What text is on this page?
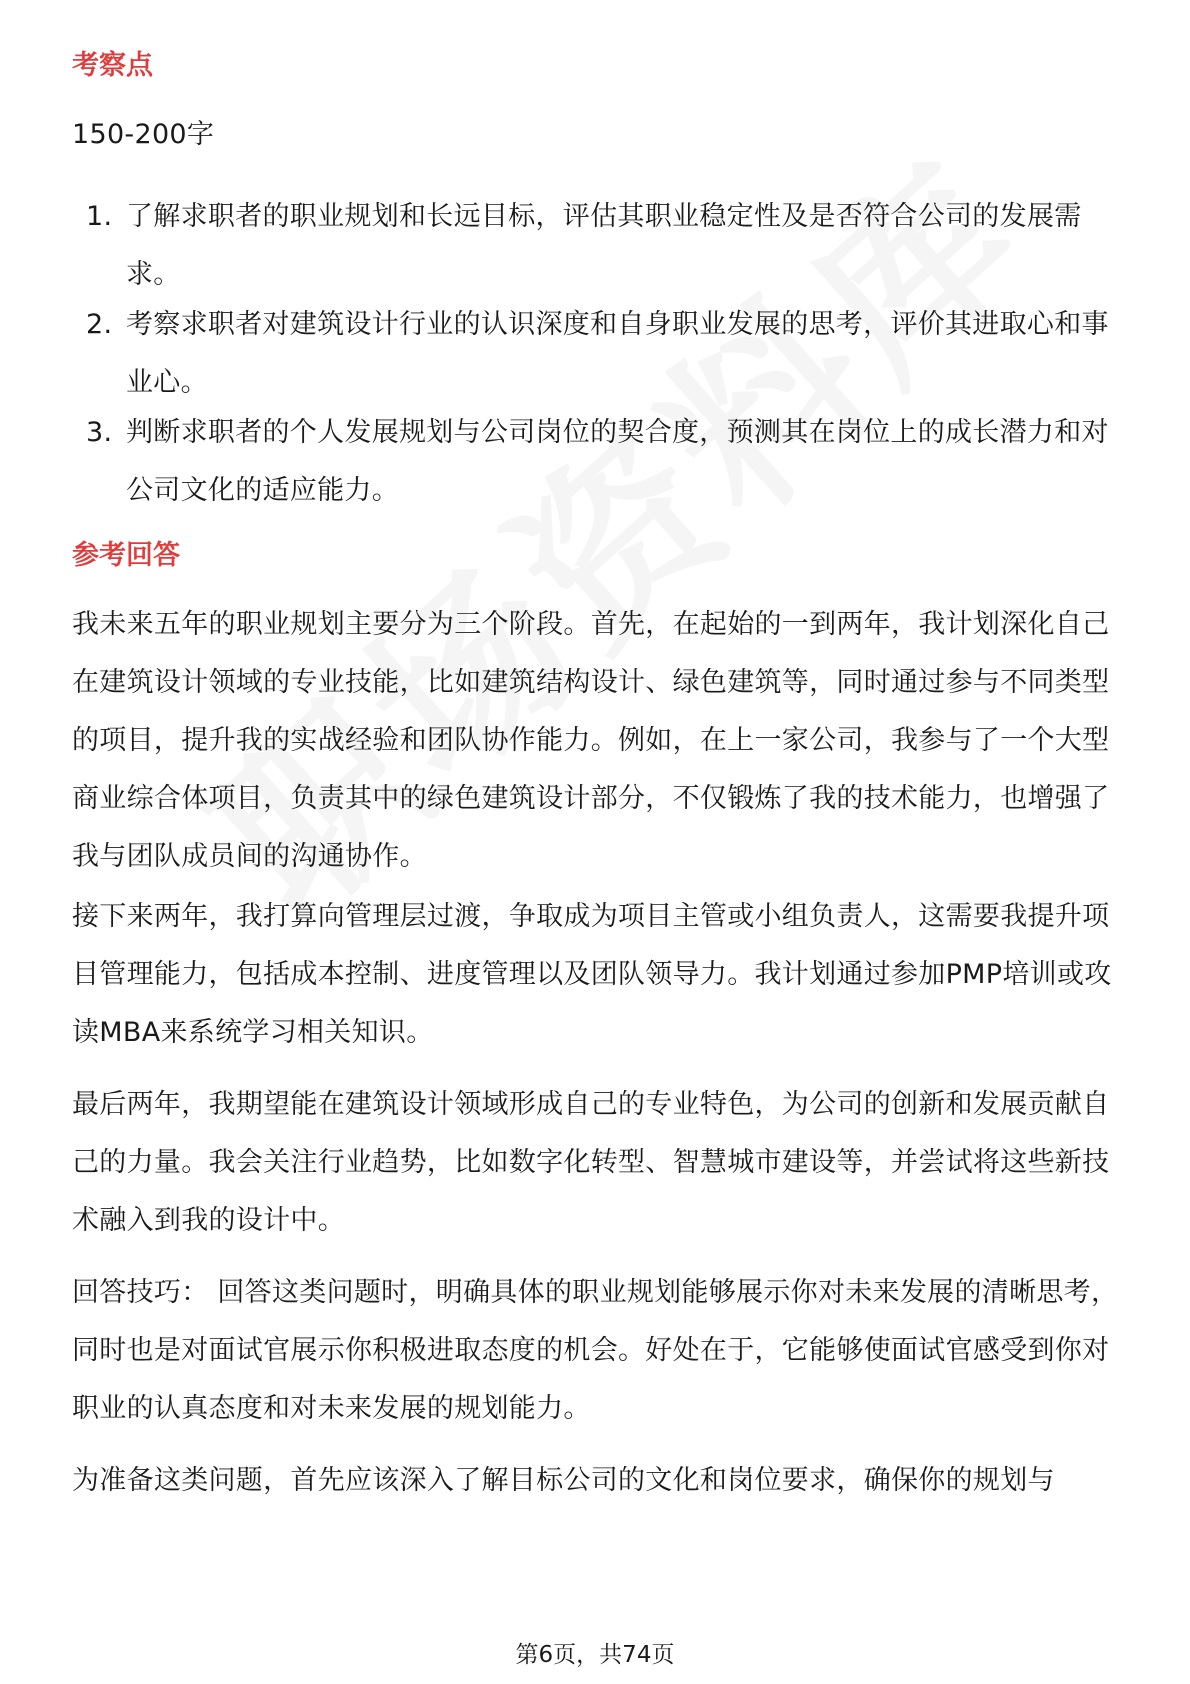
考察点

150-200字

1. 了解求职者的职业规划和长远目标，评估其职业稳定性及是否符合公司的发展需求。
2. 考察求职者对建筑设计行业的认识深度和自身职业发展的思考，评价其进取心和事业心。
3. 判断求职者的个人发展规划与公司岗位的契合度，预测其在岗位上的成长潜力和对公司文化的适应能力。
参考回答

我未来五年的职业规划主要分为三个阶段。首先，在起始的一到两年，我计划深化自己在建筑设计领域的专业技能，比如建筑结构设计、绿色建筑等，同时通过参与不同类型的项目，提升我的实战经验和团队协作能力。例如，在上一家公司，我参与了一个大型商业综合体项目，负责其中的绿色建筑设计部分，不仅锻炼了我的技术能力，也增强了我与团队成员间的沟通协作。

接下来两年，我打算向管理层过渡，争取成为项目主管或小组负责人，这需要我提升项目管理能力，包括成本控制、进度管理以及团队领导力。我计划通过参加PMP培训或攻读MBA来系统学习相关知识。

最后两年，我期望能在建筑设计领域形成自己的专业特色，为公司的创新和发展贡献自己的力量。我会关注行业趋势，比如数字化转型、智慧城市建设等，并尝试将这些新技术融入到我的设计中。

回答技巧： 回答这类问题时，明确具体的职业规划能够展示你对未来发展的清晰思考，同时也是对面试官展示你积极进取态度的机会。好处在于，它能够使面试官感受到你对职业的认真态度和对未来发展的规划能力。

为准备这类问题，首先应该深入了解目标公司的文化和岗位要求，确保你的规划与

第6页，共74页
